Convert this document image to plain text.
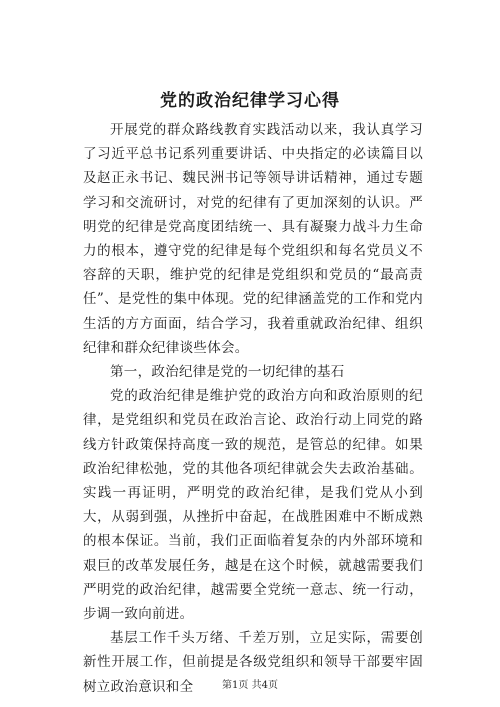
党的政治纪律学习心得

开展党的群众路线教育实践活动以来，我认真学习了习近平总书记系列重要讲话、中央指定的必读篇目以及赵正永书记、魏民洲书记等领导讲话精神，通过专题学习和交流研讨，对党的纪律有了更加深刻的认识。严明党的纪律是党高度团结统一、具有凝聚力战斗力生命力的根本，遵守党的纪律是每个党组织和每名党员义不容辞的天职，维护党的纪律是党组织和党员的“最高责任”、是党性的集中体现。党的纪律涵盖党的工作和党内生活的方方面面，结合学习，我着重就政治纪律、组织纪律和群众纪律谈些体会。

第一，政治纪律是党的一切纪律的基石

党的政治纪律是维护党的政治方向和政治原则的纪律，是党组织和党员在政治言论、政治行动上同党的路线方针政策保持高度一致的规范，是管总的纪律。如果政治纪律松弛，党的其他各项纪律就会失去政治基础。实践一再证明，严明党的政治纪律，是我们党从小到大，从弱到强，从挫折中奋起，在战胜困难中不断成熟的根本保证。当前，我们正面临着复杂的内外部环境和艰巨的改革发展任务，越是在这个时候，就越需要我们严明党的政治纪律，越需要全党统一意志、统一行动，步调一致向前进。

基层工作千头万绪、千差万别，立足实际，需要创新性开展工作，但前提是各级党组织和领导干部要牢固树立政治意识和全	第1页 共4页
